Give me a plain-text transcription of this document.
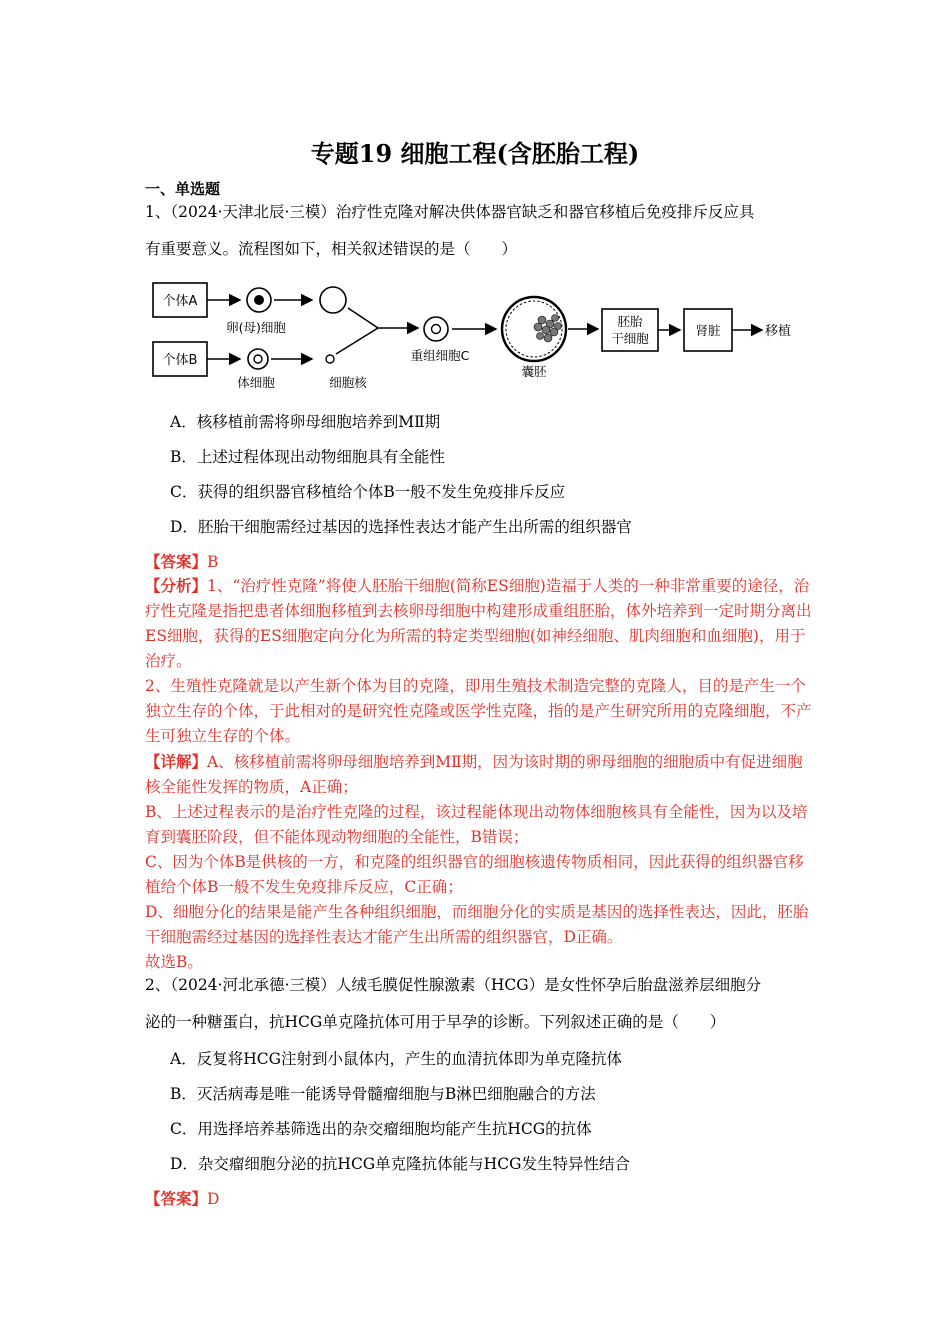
专题19 细胞工程(含胚胎工程)
一、单选题
1、（2024·天津北辰·三模）治疗性克隆对解决供体器官缺乏和器官移植后免疫排斥反应具
有重要意义。流程图如下，相关叙述错误的是（　　）
个体A
卵(母)细胞
个体B
体细胞	细胞核
重组细胞C
囊胚
胚胎
干细胞
肾脏	移植
A．核移植前需将卵母细胞培养到MⅡ期
B．上述过程体现出动物细胞具有全能性
C．获得的组织器官移植给个体B一般不发生免疫排斥反应
D．胚胎干细胞需经过基因的选择性表达才能产生出所需的组织器官
【答案】B
【分析】1、“治疗性克隆”将使人胚胎干细胞(简称ES细胞)造福于人类的一种非常重要的途径，治疗性克隆是指把患者体细胞移植到去核卵母细胞中构建形成重组胚胎，体外培养到一定时期分离出ES细胞，获得的ES细胞定向分化为所需的特定类型细胞(如神经细胞、肌肉细胞和血细胞)，用于治疗。
2、生殖性克隆就是以产生新个体为目的克隆，即用生殖技术制造完整的克隆人，目的是产生一个独立生存的个体，于此相对的是研究性克隆或医学性克隆，指的是产生研究所用的克隆细胞，不产生可独立生存的个体。
【详解】A、核移植前需将卵母细胞培养到MⅡ期，因为该时期的卵母细胞的细胞质中有促进细胞核全能性发挥的物质，A正确；
B、上述过程表示的是治疗性克隆的过程，该过程能体现出动物体细胞核具有全能性，因为以及培育到囊胚阶段，但不能体现动物细胞的全能性，B错误；
C、因为个体B是供核的一方，和克隆的组织器官的细胞核遗传物质相同，因此获得的组织器官移植给个体B一般不发生免疫排斥反应，C正确；
D、细胞分化的结果是能产生各种组织细胞，而细胞分化的实质是基因的选择性表达，因此，胚胎干细胞需经过基因的选择性表达才能产生出所需的组织器官，D正确。
故选B。
2、（2024·河北承德·三模）人绒毛膜促性腺激素（HCG）是女性怀孕后胎盘滋养层细胞分
泌的一种糖蛋白，抗HCG单克隆抗体可用于早孕的诊断。下列叙述正确的是（　　）
A．反复将HCG注射到小鼠体内，产生的血清抗体即为单克隆抗体
B．灭活病毒是唯一能诱导骨髓瘤细胞与B淋巴细胞融合的方法
C．用选择培养基筛选出的杂交瘤细胞均能产生抗HCG的抗体
D．杂交瘤细胞分泌的抗HCG单克隆抗体能与HCG发生特异性结合
【答案】D
